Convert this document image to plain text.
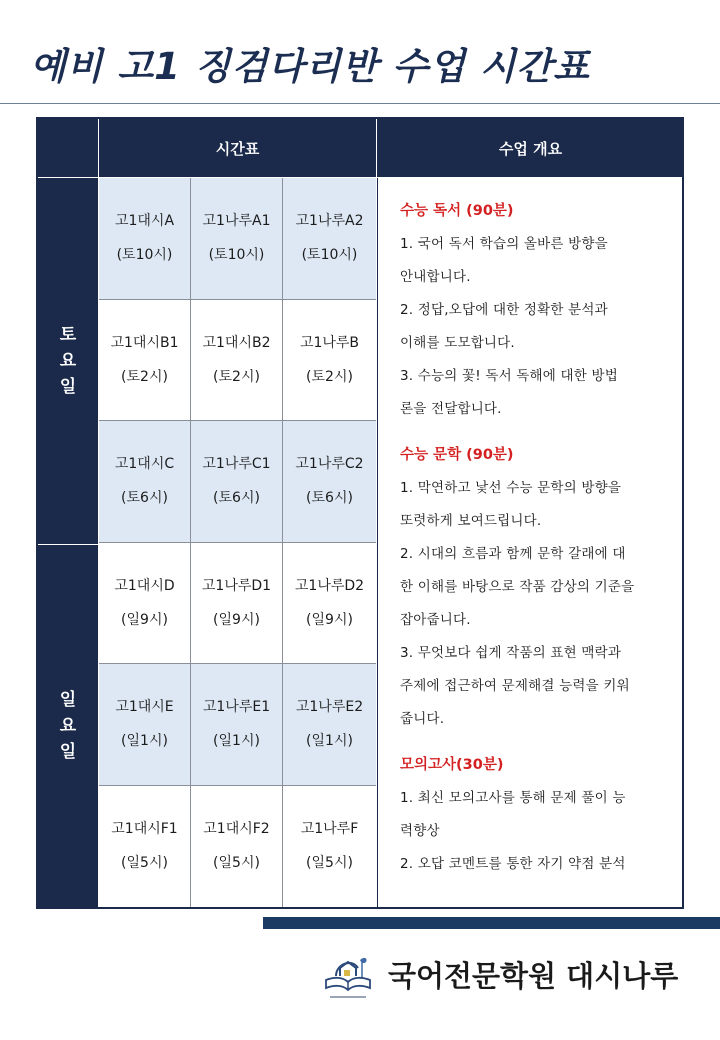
예비 고1 징검다리반 수업 시간표
시간표	수업 개요
토
요
일
일
요
일
고1대시A
(토10시)
고1나루A1
(토10시)
고1나루A2
(토10시)
고1대시B1
(토2시)
고1대시B2
(토2시)
고1나루B
(토2시)
고1대시C
(토6시)
고1나루C1
(토6시)
고1나루C2
(토6시)
고1대시D
(일9시)
고1나루D1
(일9시)
고1나루D2
(일9시)
고1대시E
(일1시)
고1나루E1
(일1시)
고1나루E2
(일1시)
고1대시F1
(일5시)
고1대시F2
(일5시)
고1나루F
(일5시)
수능 독서 (90분)
1. 국어 독서 학습의 올바른 방향을
안내합니다.
2. 정답,오답에 대한 정확한 분석과
이해를 도모합니다.
3. 수능의 꽃! 독서 독해에 대한 방법
론을 전달합니다.
수능 문학 (90분)
1. 막연하고 낯선 수능 문학의 방향을
또렷하게 보여드립니다.
2. 시대의 흐름과 함께 문학 갈래에 대
한 이해를 바탕으로 작품 감상의 기준을
잡아줍니다.
3. 무엇보다 쉽게 작품의 표현 맥락과
주제에 접근하여 문제해결 능력을 키워
줍니다.
모의고사(30분)
1. 최신 모의고사를 통해 문제 풀이 능
력향상
2. 오답 코멘트를 통한 자기 약점 분석
국어전문학원 대시나루
